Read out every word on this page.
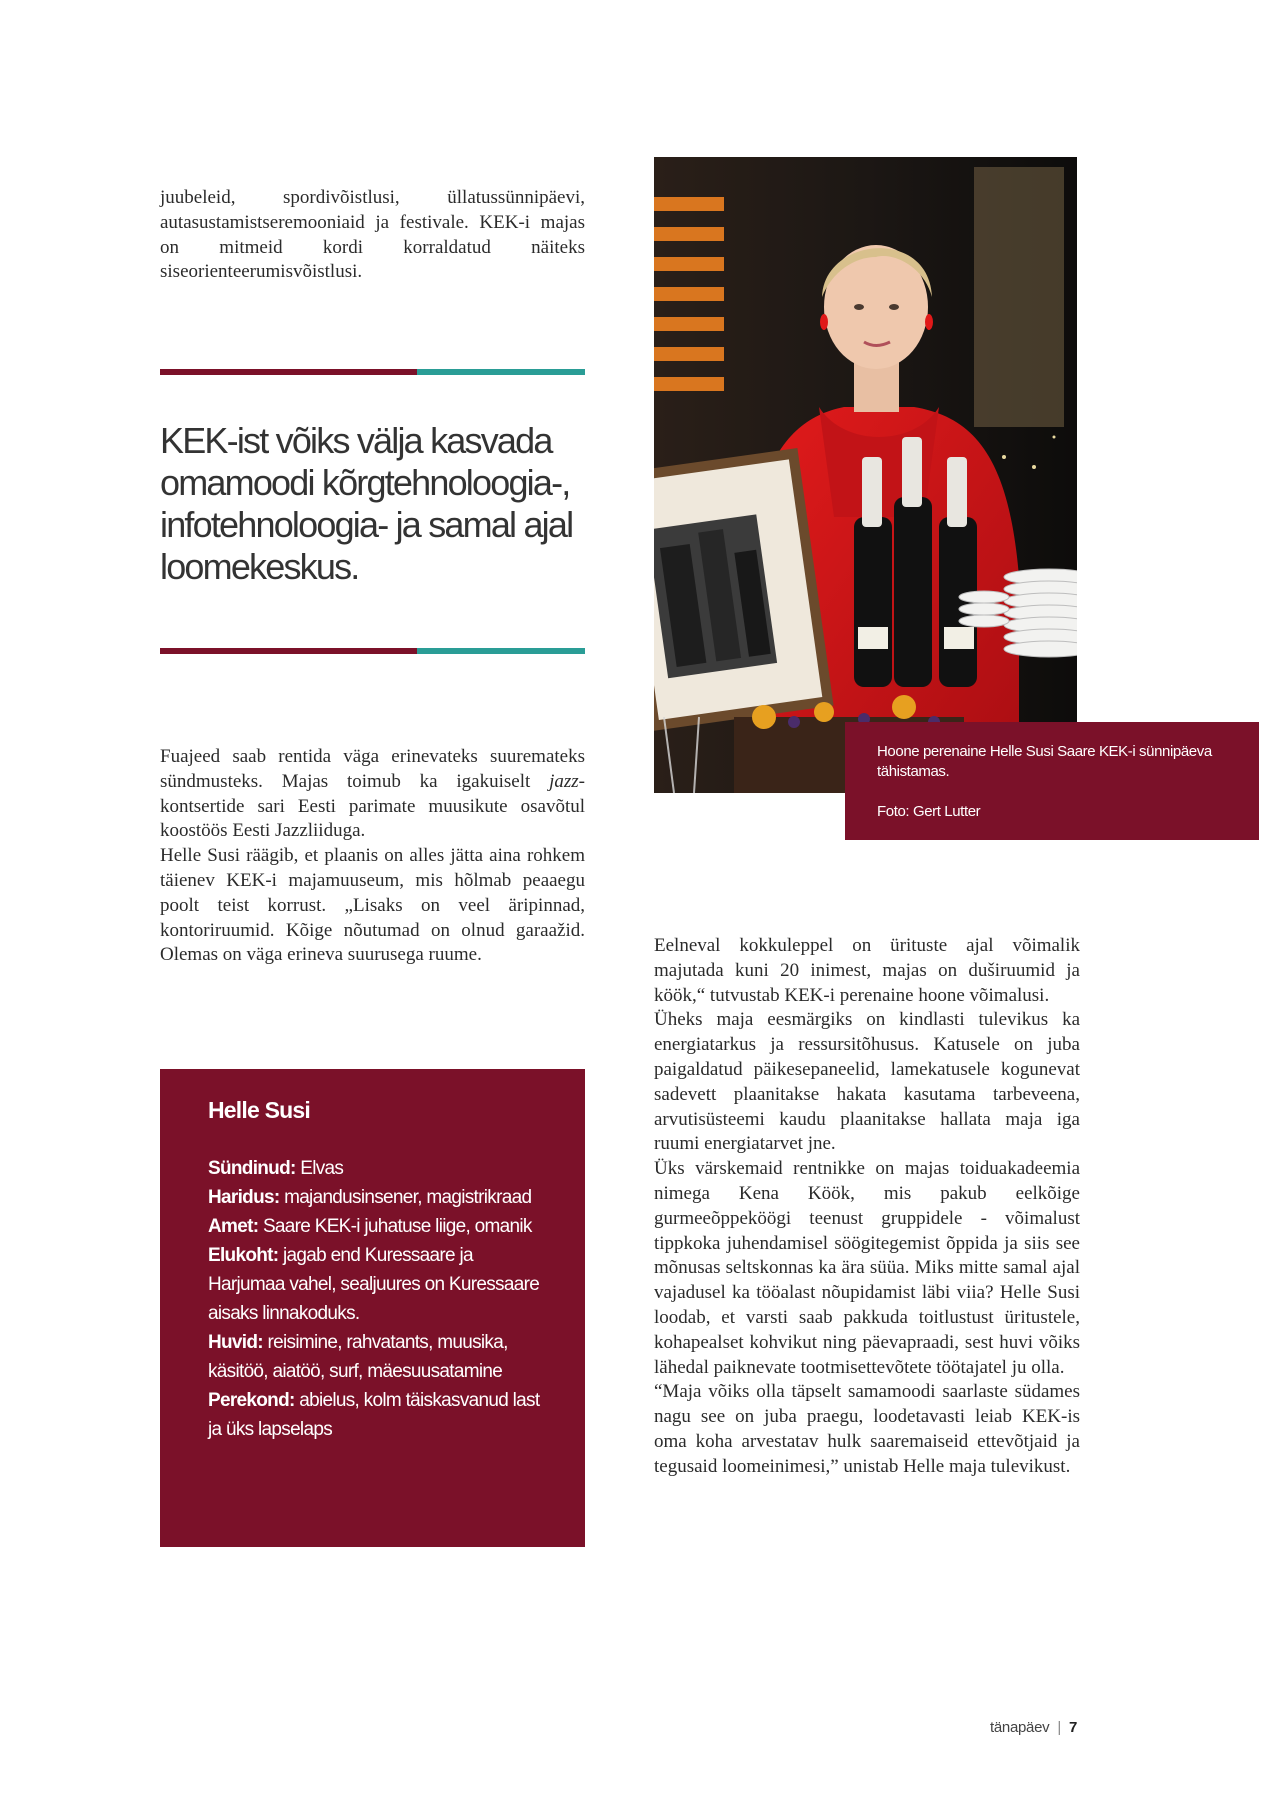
juubeleid, spordivõistlusi, üllatussünnipäevi, autasustamistseremooniaid ja festivale. KEK-i majas on mitmeid kordi korraldatud näiteks siseorienteerumisvõistlusi.

KEK-ist võiks välja kasvada omamoodi kõrgtehnoloogia-, infotehnoloogia- ja samal ajal loomekeskus.

Fuajeed saab rentida väga erinevateks suuremateks sündmusteks. Majas toimub ka igakuiselt jazz-kontsertide sari Eesti parimate muusikute osavõtul koostöös Eesti Jazzliiduga.

Helle Susi räägib, et plaanis on alles jätta aina rohkem täienev KEK-i majamuuseum, mis hõlmab peaaegu poolt teist korrust. „Lisaks on veel äripinnad, kontoriruumid. Kõige nõutumad on olnud garaažid. Olemas on väga erineva suurusega ruume.

Hoone perenaine Helle Susi Saare KEK-i sünnipäeva tähistamas.
Foto: Gert Lutter

Eelneval kokkuleppel on ürituste ajal võimalik majutada kuni 20 inimest, majas on duširuumid ja köök,“ tutvustab KEK-i perenaine hoone võimalusi.

Üheks maja eesmärgiks on kindlasti tulevikus ka energiatarkus ja ressursitõhusus. Katusele on juba paigaldatud päikesepaneelid, lamekatusele kogunevat sadevett plaanitakse hakata kasutama tarbeveena, arvutisüsteemi kaudu plaanitakse hallata maja iga ruumi energiatarvet jne.

Üks värskemaid rentnikke on majas toiduakadeemia nimega Kena Köök, mis pakub eelkõige gurmeeõppeköögi teenust gruppidele - võimalust tippkoka juhendamisel söögitegemist õppida ja siis see mõnusas seltskonnas ka ära süüa. Miks mitte samal ajal vajadusel ka tööalast nõupidamist läbi viia? Helle Susi loodab, et varsti saab pakkuda toitlustust üritustele, kohapealset kohvikut ning päevapraadi, sest huvi võiks lähedal paiknevate tootmisettevõtete töötajatel ju olla.

“Maja võiks olla täpselt samamoodi saarlaste südames nagu see on juba praegu, loodetavasti leiab KEK-is oma koha arvestatav hulk saaremaiseid ettevõtjaid ja tegusaid loomeinimesi,” unistab Helle maja tulevikust.

Helle Susi
Sündinud: Elvas
Haridus: majandusinsener, magistrikraad
Amet: Saare KEK-i juhatuse liige, omanik
Elukoht: jagab end Kuressaare ja Harjumaa vahel, sealjuures on Kuressaare aisaks linnakoduks.
Huvid: reisimine, rahvatants, muusika, käsitöö, aiatöö, surf, mäesuusatamine
Perekond: abielus, kolm täiskasvanud last ja üks lapselaps
tänapäev | 7
